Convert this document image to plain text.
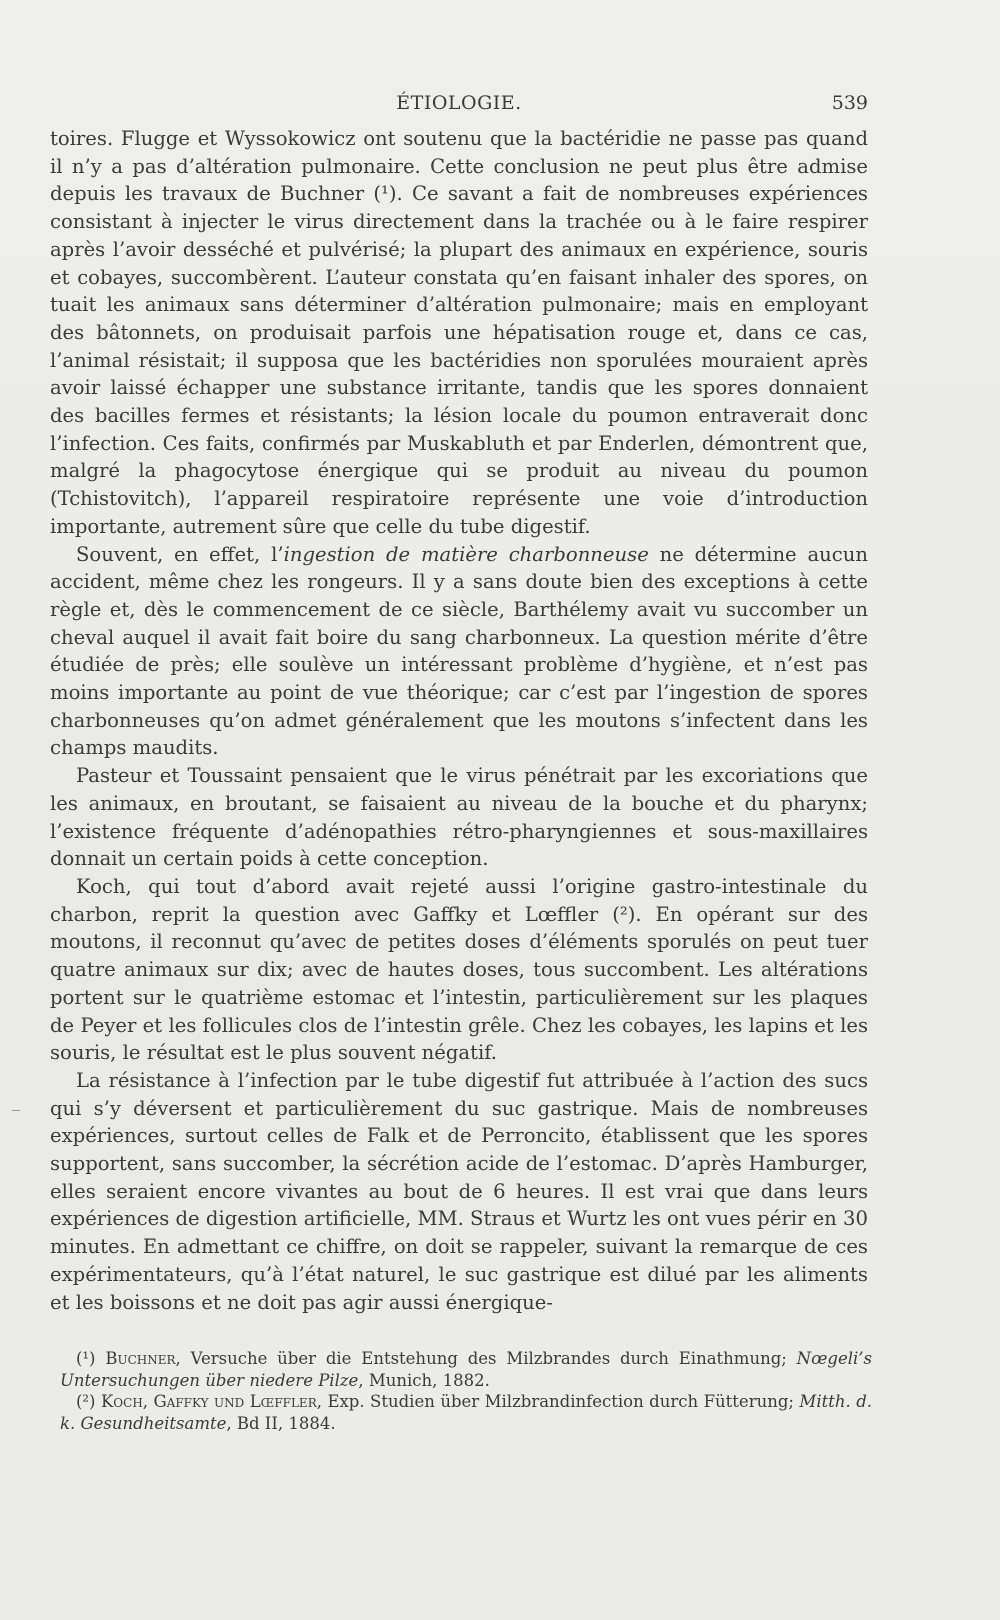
ÉTIOLOGIE.	539

toires. Flugge et Wyssokowicz ont soutenu que la bactéridie ne passe pas quand il n’y a pas d’altération pulmonaire. Cette conclusion ne peut plus être admise depuis les travaux de Buchner (¹). Ce savant a fait de nombreuses expériences consistant à injecter le virus directement dans la trachée ou à le faire respirer après l’avoir desséché et pulvérisé; la plupart des animaux en expérience, souris et cobayes, succombèrent. L’auteur constata qu’en faisant inhaler des spores, on tuait les animaux sans déterminer d’altération pulmonaire; mais en employant des bâtonnets, on produisait parfois une hépatisation rouge et, dans ce cas, l’animal résistait; il supposa que les bactéridies non sporulées mouraient après avoir laissé échapper une substance irritante, tandis que les spores donnaient des bacilles fermes et résistants; la lésion locale du poumon entraverait donc l’infection. Ces faits, confirmés par Muskabluth et par Enderlen, démontrent que, malgré la phagocytose énergique qui se produit au niveau du poumon (Tchistovitch), l’appareil respiratoire représente une voie d’introduction importante, autrement sûre que celle du tube digestif.

Souvent, en effet, l’ingestion de matière charbonneuse ne détermine aucun accident, même chez les rongeurs. Il y a sans doute bien des exceptions à cette règle et, dès le commencement de ce siècle, Barthélemy avait vu succomber un cheval auquel il avait fait boire du sang charbonneux. La question mérite d’être étudiée de près; elle soulève un intéressant problème d’hygiène, et n’est pas moins importante au point de vue théorique; car c’est par l’ingestion de spores charbonneuses qu’on admet généralement que les moutons s’infectent dans les champs maudits.

Pasteur et Toussaint pensaient que le virus pénétrait par les excoriations que les animaux, en broutant, se faisaient au niveau de la bouche et du pharynx; l’existence fréquente d’adénopathies rétro-pharyngiennes et sous-maxillaires donnait un certain poids à cette conception.

Koch, qui tout d’abord avait rejeté aussi l’origine gastro-intestinale du charbon, reprit la question avec Gaffky et Lœffler (²). En opérant sur des moutons, il reconnut qu’avec de petites doses d’éléments sporulés on peut tuer quatre animaux sur dix; avec de hautes doses, tous succombent. Les altérations portent sur le quatrième estomac et l’intestin, particulièrement sur les plaques de Peyer et les follicules clos de l’intestin grêle. Chez les cobayes, les lapins et les souris, le résultat est le plus souvent négatif.

La résistance à l’infection par le tube digestif fut attribuée à l’action des sucs qui s’y déversent et particulièrement du suc gastrique. Mais de nombreuses expériences, surtout celles de Falk et de Perroncito, établissent que les spores supportent, sans succomber, la sécrétion acide de l’estomac. D’après Hamburger, elles seraient encore vivantes au bout de 6 heures. Il est vrai que dans leurs expériences de digestion artificielle, MM. Straus et Wurtz les ont vues périr en 30 minutes. En admettant ce chiffre, on doit se rappeler, suivant la remarque de ces expérimentateurs, qu’à l’état naturel, le suc gastrique est dilué par les aliments et les boissons et ne doit pas agir aussi énergique-

(¹) Buchner, Versuche über die Entstehung des Milzbrandes durch Einathmung; Nœgeli’s Untersuchungen über niedere Pilze, Munich, 1882.

(²) Koch, Gaffky und Lœffler, Exp. Studien über Milzbrandinfection durch Fütterung; Mitth. d. k. Gesundheitsamte, Bd II, 1884.
